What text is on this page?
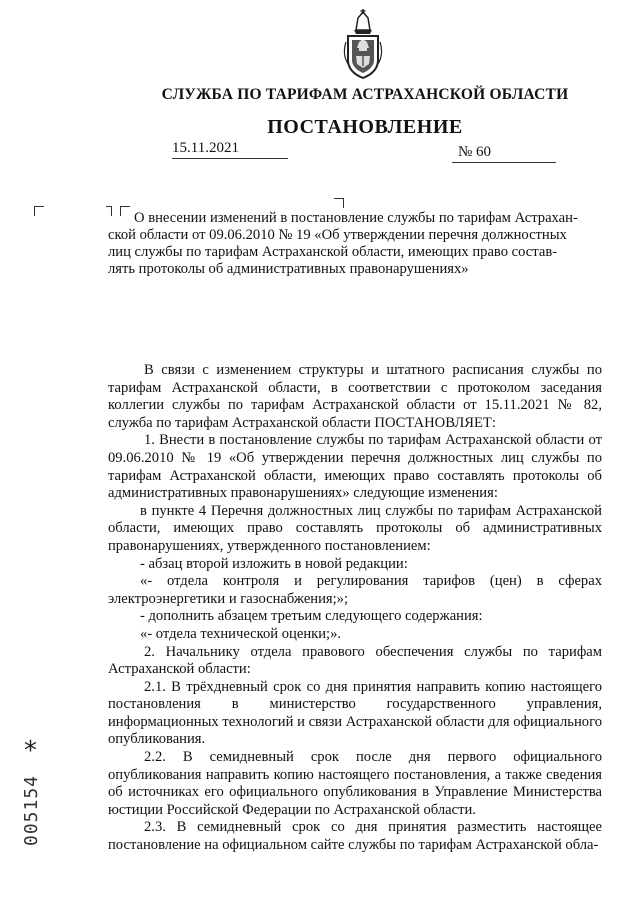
СЛУЖБА ПО ТАРИФАМ АСТРАХАНСКОЙ ОБЛАСТИ
ПОСТАНОВЛЕНИЕ
15.11.2021	№ 60
О внесении изменений в постановление службы по тарифам Астрахан-
ской области от 09.06.2010 № 19 «Об утверждении перечня должностных
лиц службы по тарифам Астраханской области, имеющих право состав-
лять протоколы об административных правонарушениях»

В связи с изменением структуры и штатного расписания службы по тарифам Астраханской области, в соответствии с протоколом заседания коллегии службы по тарифам Астраханской области от 15.11.2021 № 82, служба по тарифам Астраханской области ПОСТАНОВЛЯЕТ:

1. Внести в постановление службы по тарифам Астраханской области от 09.06.2010 № 19 «Об утверждении перечня должностных лиц службы по тарифам Астраханской области, имеющих право составлять протоколы об административных правонарушениях» следующие изменения:

в пункте 4 Перечня должностных лиц службы по тарифам Астраханской области, имеющих право составлять протоколы об административных правонарушениях, утвержденного постановлением:

- абзац второй изложить в новой редакции:

«- отдела контроля и регулирования тарифов (цен) в сферах электроэнергетики и газоснабжения;»;

- дополнить абзацем третьим следующего содержания:

«- отдела технической оценки;».

2. Начальнику отдела правового обеспечения службы по тарифам Астраханской области:

2.1. В трёхдневный срок со дня принятия направить копию настоящего постановления в министерство государственного управления, информационных технологий и связи Астраханской области для официального опубликования.

2.2. В семидневный срок после дня первого официального опубликования направить копию настоящего постановления, а также сведения об источниках его официального опубликования в Управление Министерства юстиции Российской Федерации по Астраханской области.

2.3. В семидневный срок со дня принятия разместить настоящее постановление на официальном сайте службы по тарифам Астраханской обла-

*
005154
